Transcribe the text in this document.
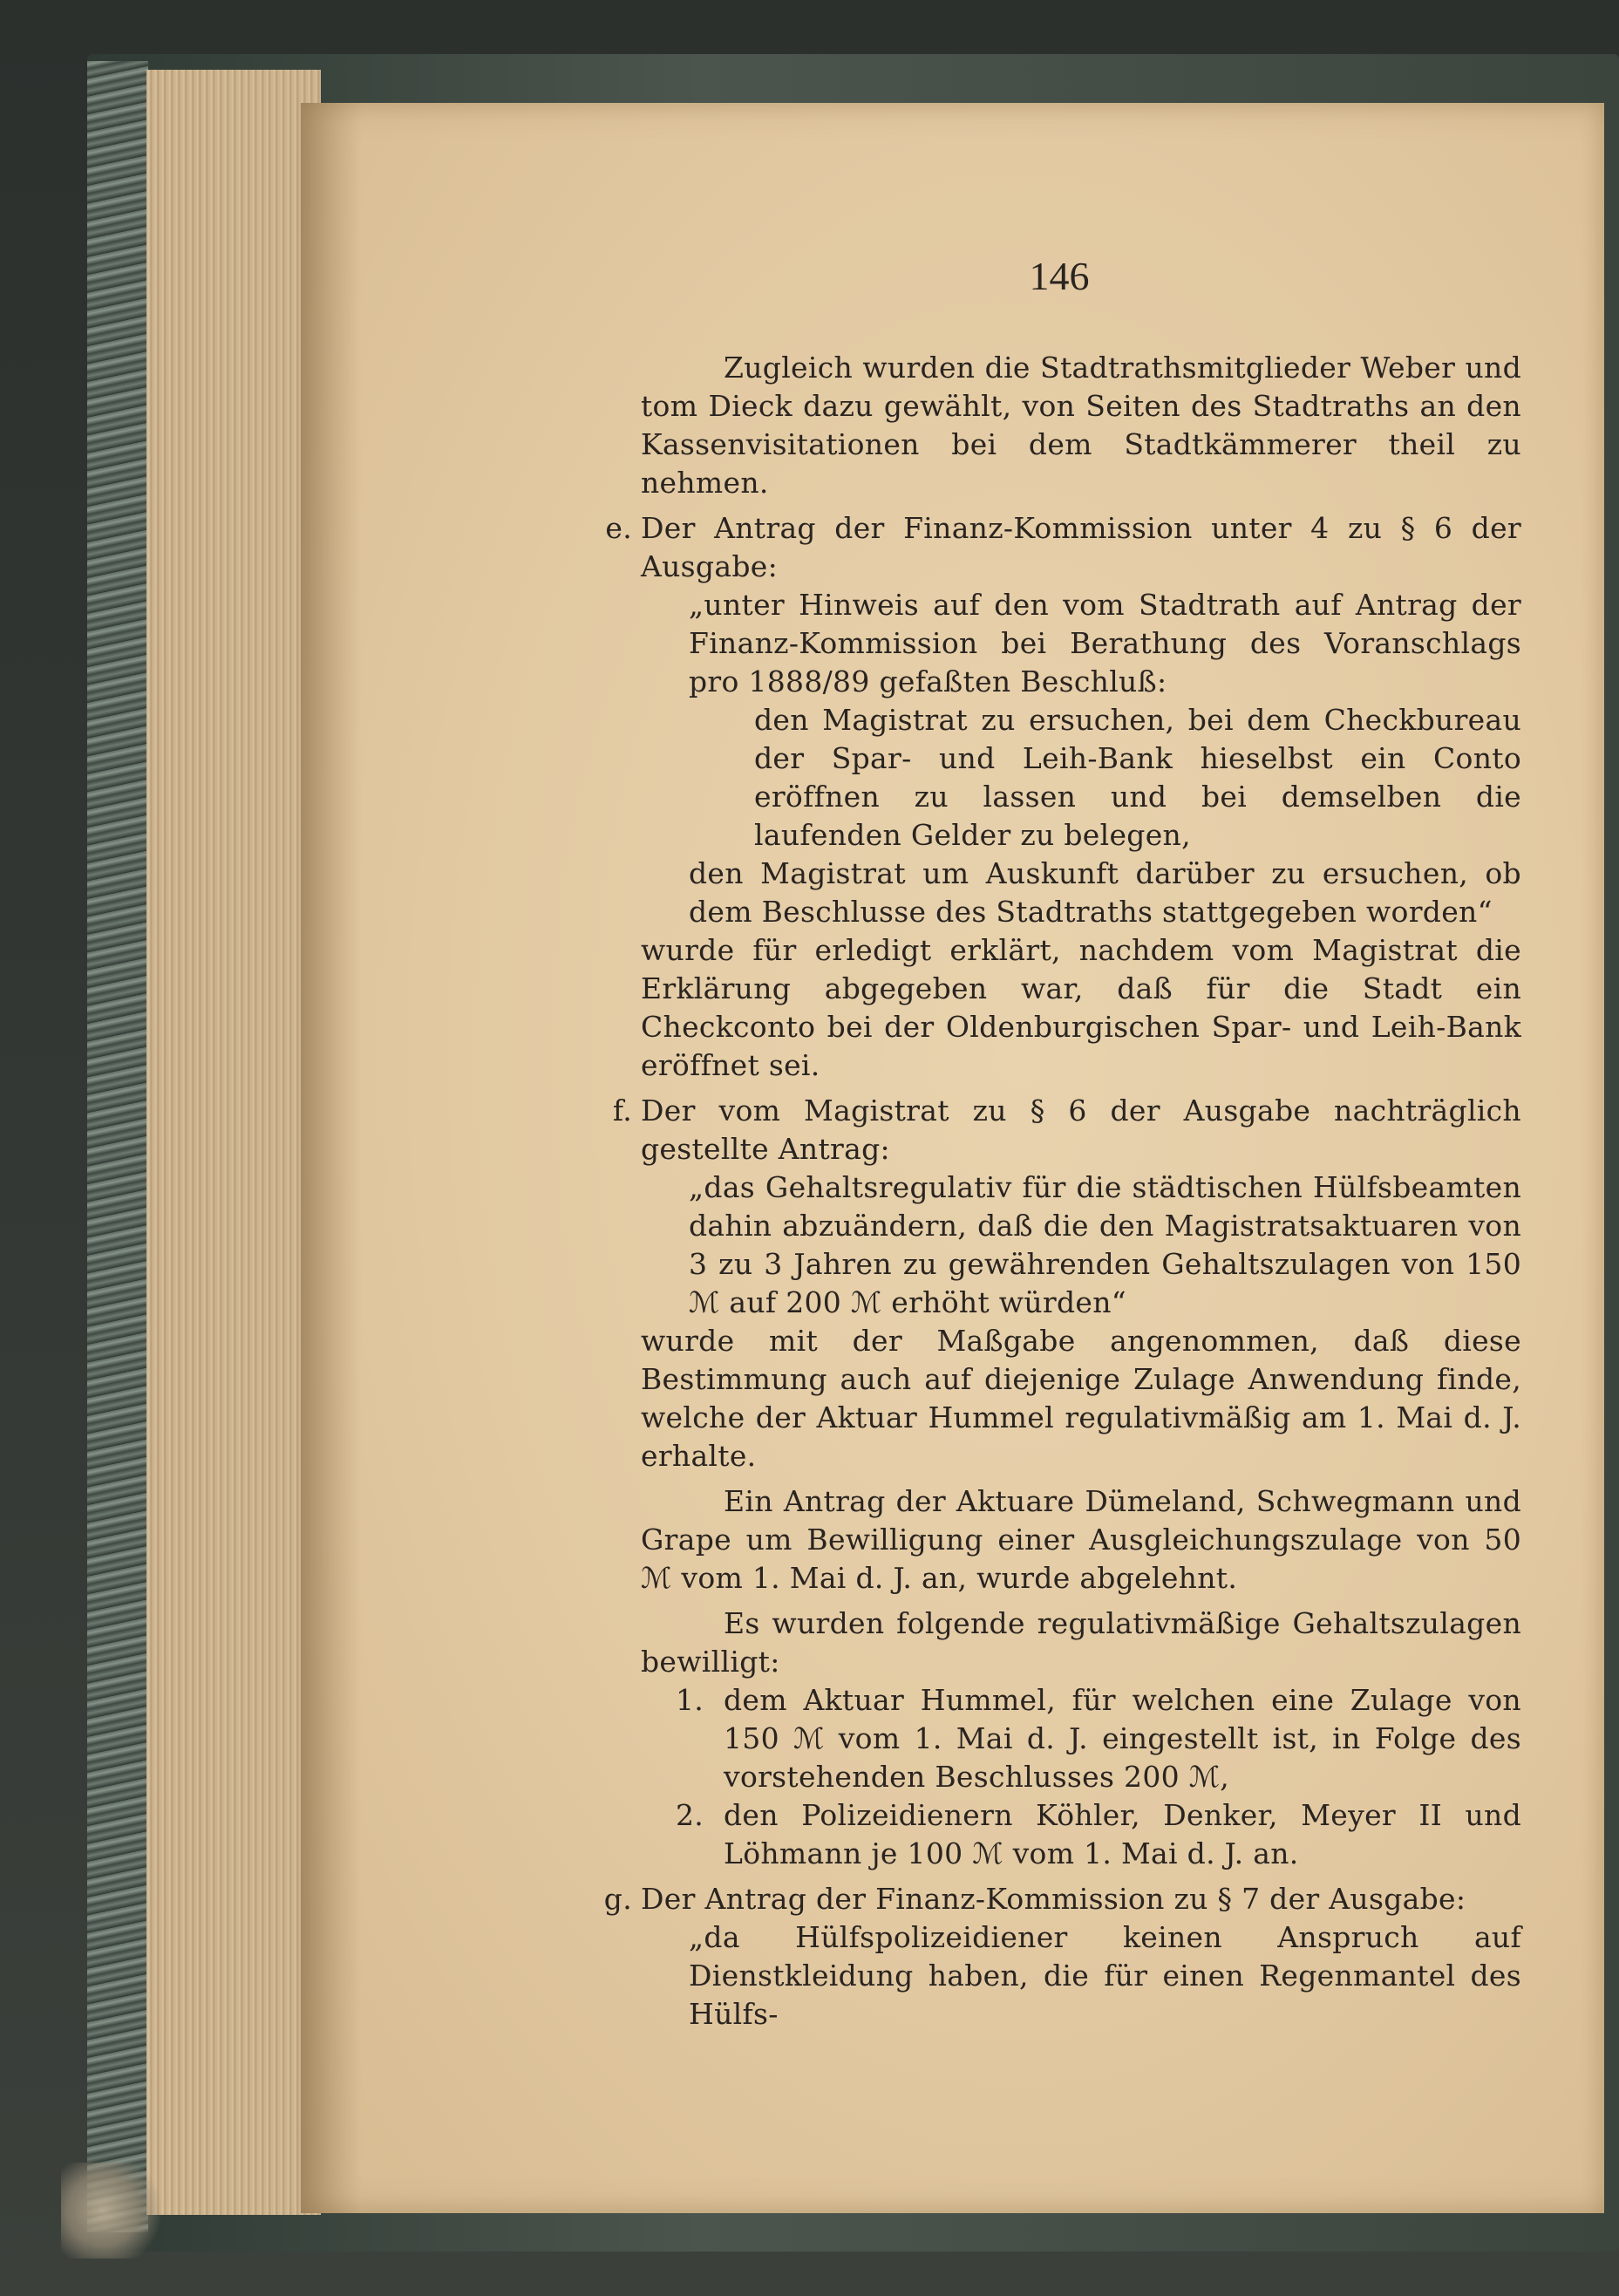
146

Zugleich wurden die Stadtrathsmitglieder Weber und tom Dieck dazu gewählt, von Seiten des Stadtraths an den Kassenvisitationen bei dem Stadtkämmerer theil zu nehmen.

e. Der Antrag der Finanz-Kommission unter 4 zu § 6 der Ausgabe:

„unter Hinweis auf den vom Stadtrath auf Antrag der Finanz-Kommission bei Berathung des Voranschlags pro 1888/89 gefaßten Beschluß:

den Magistrat zu ersuchen, bei dem Checkbureau der Spar- und Leih-Bank hieselbst ein Conto eröffnen zu lassen und bei demselben die laufenden Gelder zu belegen,

den Magistrat um Auskunft darüber zu ersuchen, ob dem Beschlusse des Stadtraths stattgegeben worden“

wurde für erledigt erklärt, nachdem vom Magistrat die Erklärung abgegeben war, daß für die Stadt ein Checkconto bei der Oldenburgischen Spar- und Leih-Bank eröffnet sei.

f. Der vom Magistrat zu § 6 der Ausgabe nachträglich gestellte Antrag:

„das Gehaltsregulativ für die städtischen Hülfsbeamten dahin abzuändern, daß die den Magistratsaktuaren von 3 zu 3 Jahren zu gewährenden Gehaltszulagen von 150 ℳ auf 200 ℳ erhöht würden“

wurde mit der Maßgabe angenommen, daß diese Bestimmung auch auf diejenige Zulage Anwendung finde, welche der Aktuar Hummel regulativmäßig am 1. Mai d. J. erhalte.

Ein Antrag der Aktuare Dümeland, Schwegmann und Grape um Bewilligung einer Ausgleichungszulage von 50 ℳ vom 1. Mai d. J. an, wurde abgelehnt.

Es wurden folgende regulativmäßige Gehaltszulagen bewilligt:

1. dem Aktuar Hummel, für welchen eine Zulage von 150 ℳ vom 1. Mai d. J. eingestellt ist, in Folge des vorstehenden Beschlusses 200 ℳ,

2. den Polizeidienern Köhler, Denker, Meyer II und Löhmann je 100 ℳ vom 1. Mai d. J. an.

g. Der Antrag der Finanz-Kommission zu § 7 der Ausgabe:

„da Hülfspolizeidiener keinen Anspruch auf Dienstkleidung haben, die für einen Regenmantel des Hülfs-
